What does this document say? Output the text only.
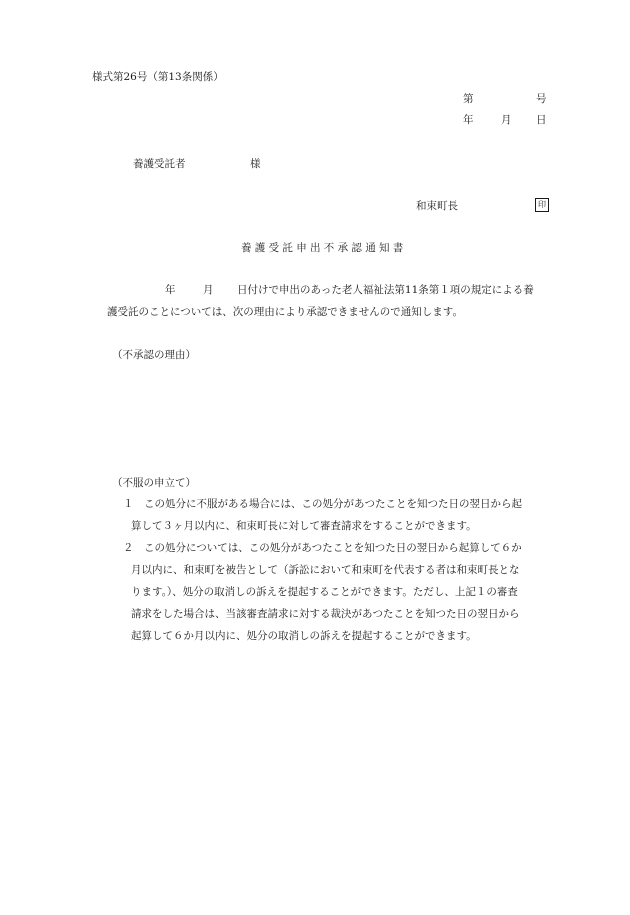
様式第26号（第13条関係）
第	号
年	月 日
養護受託者	様
和束町長	印
養護受託申出不承認通知書
年	月 日付けで申出のあった老人福祉法第11条第１項の規定による養
護受託のことについては、次の理由により承認できませんので通知します。
（不承認の理由）
（不服の申立て）
１ この処分に不服がある場合には、この処分があつたことを知つた日の翌日から起
算して３ヶ月以内に、和束町長に対して審査請求をすることができます。
２ この処分については、この処分があつたことを知つた日の翌日から起算して６か
月以内に、和束町を被告として（訴訟において和束町を代表する者は和束町長とな
ります。）、処分の取消しの訴えを提起することができます。ただし、上記１の審査
請求をした場合は、当該審査請求に対する裁決があつたことを知つた日の翌日から
起算して６か月以内に、処分の取消しの訴えを提起することができます。
